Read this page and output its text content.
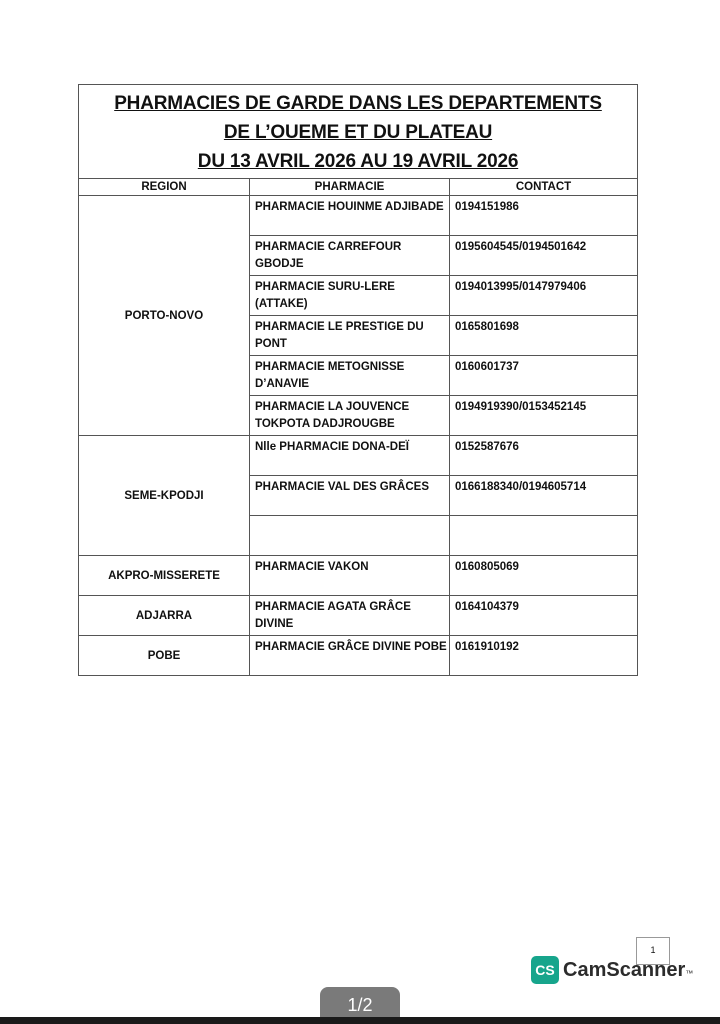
PHARMACIES DE GARDE DANS LES DEPARTEMENTS
DE L’OUEME ET DU PLATEAU
DU 13 AVRIL 2026 AU 19 AVRIL 2026		

REGION	PHARMACIE	CONTACT
PORTO-NOVO	PHARMACIE HOUINME ADJIBADE	0194151986
	PHARMACIE CARREFOUR GBODJE	0195604545/0194501642
	PHARMACIE SURU-LERE (ATTAKE)	0194013995/0147979406
	PHARMACIE LE PRESTIGE DU PONT	0165801698
	PHARMACIE METOGNISSE D’ANAVIE	0160601737
	PHARMACIE LA JOUVENCE TOKPOTA DADJROUGBE	0194919390/0153452145
SEME-KPODJI	Nlle PHARMACIE DONA-DEÏ	0152587676
	PHARMACIE VAL DES GRÂCES	0166188340/0194605714

AKPRO-MISSERETE	PHARMACIE VAKON	0160805069
ADJARRA	PHARMACIE AGATA GRÂCE DIVINE	0164104379
POBE	PHARMACIE GRÂCE DIVINE POBE	0161910192
1
CS CamScanner ™
1/2
